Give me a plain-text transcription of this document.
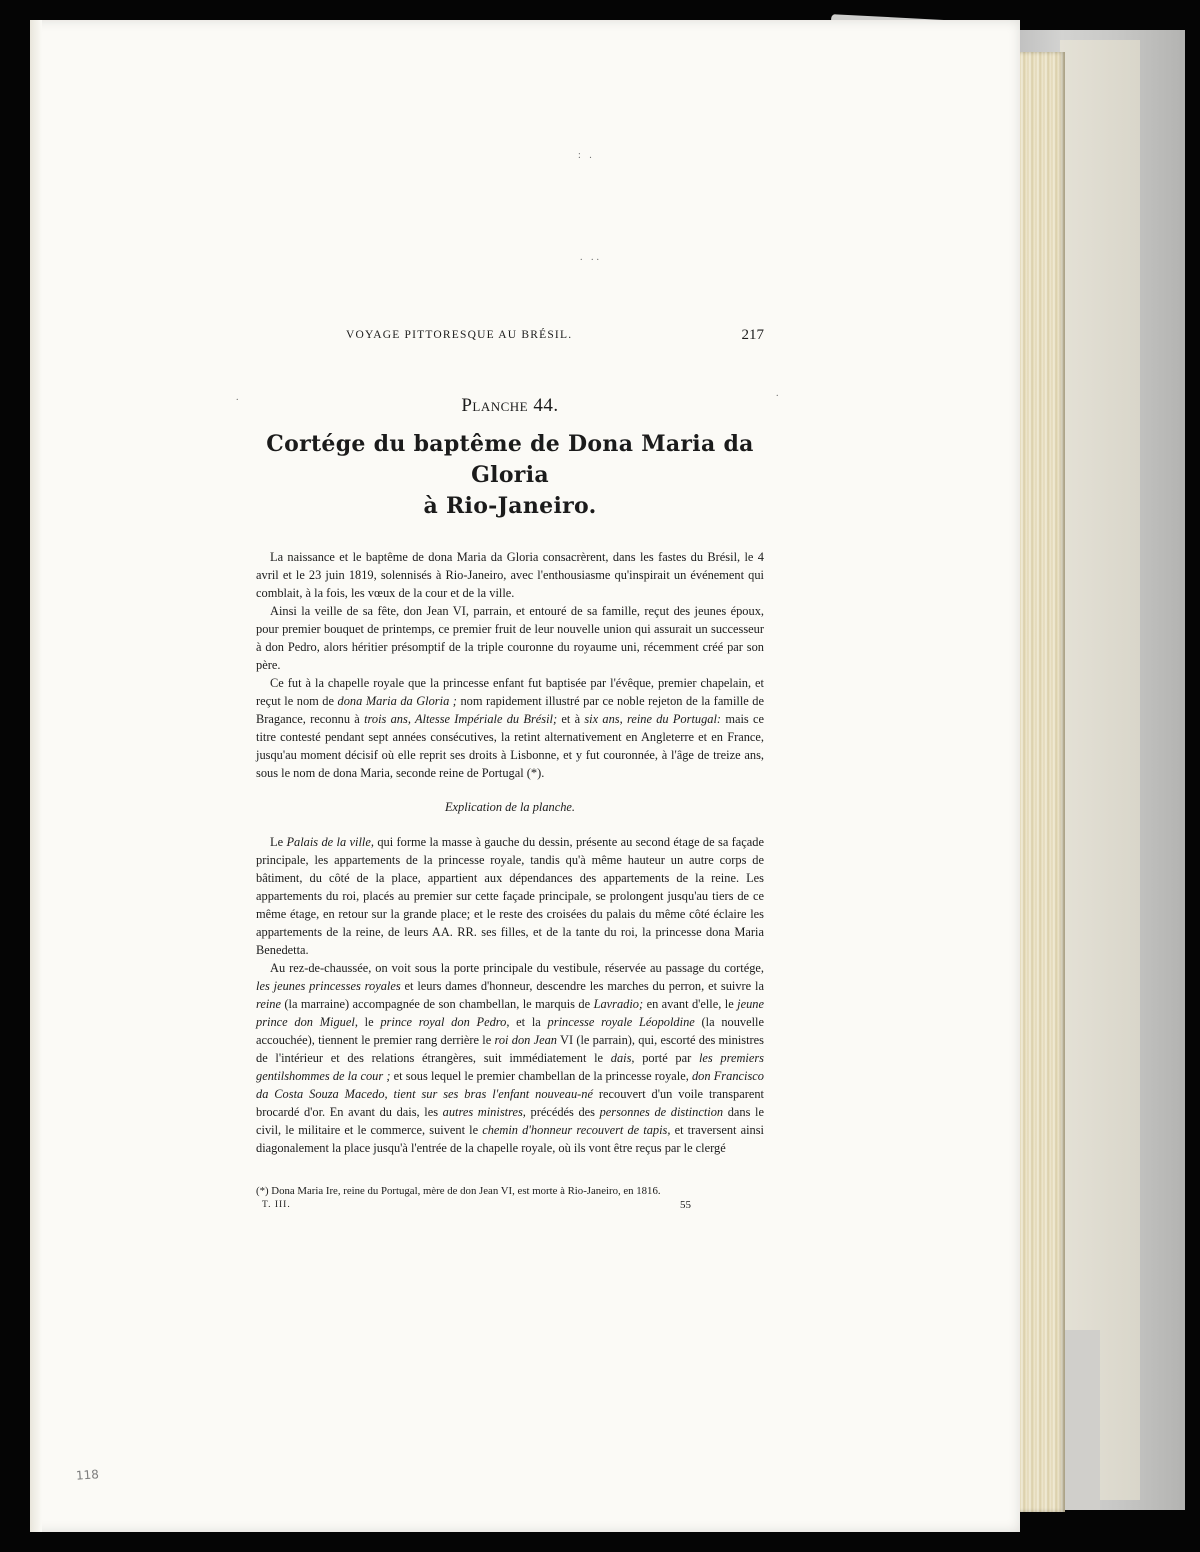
: .
. ..
.	.
VOYAGE PITTORESQUE AU BRÉSIL.	217
Planche 44.
Cortége du baptême de Dona Maria da Gloria
à Rio-Janeiro.

La naissance et le baptême de dona Maria da Gloria consacrèrent, dans les fastes du Brésil, le 4 avril et le 23 juin 1819, solennisés à Rio-Janeiro, avec l'enthousiasme qu'inspirait un événement qui comblait, à la fois, les vœux de la cour et de la ville.

Ainsi la veille de sa fête, don Jean VI, parrain, et entouré de sa famille, reçut des jeunes époux, pour premier bouquet de printemps, ce premier fruit de leur nouvelle union qui assurait un successeur à don Pedro, alors héritier présomptif de la triple couronne du royaume uni, récemment créé par son père.

Ce fut à la chapelle royale que la princesse enfant fut baptisée par l'évêque, premier chapelain, et reçut le nom de dona Maria da Gloria ; nom rapidement illustré par ce noble rejeton de la famille de Bragance, reconnu à trois ans, Altesse Impériale du Brésil; et à six ans, reine du Portugal: mais ce titre contesté pendant sept années consécutives, la retint alternativement en Angleterre et en France, jusqu'au moment décisif où elle reprit ses droits à Lisbonne, et y fut couronnée, à l'âge de treize ans, sous le nom de dona Maria, seconde reine de Portugal (*).

Explication de la planche.

Le Palais de la ville, qui forme la masse à gauche du dessin, présente au second étage de sa façade principale, les appartements de la princesse royale, tandis qu'à même hauteur un autre corps de bâtiment, du côté de la place, appartient aux dépendances des appartements de la reine. Les appartements du roi, placés au premier sur cette façade principale, se prolongent jusqu'au tiers de ce même étage, en retour sur la grande place; et le reste des croisées du palais du même côté éclaire les appartements de la reine, de leurs AA. RR. ses filles, et de la tante du roi, la princesse dona Maria Benedetta.

Au rez-de-chaussée, on voit sous la porte principale du vestibule, réservée au passage du cortége, les jeunes princesses royales et leurs dames d'honneur, descendre les marches du perron, et suivre la reine (la marraine) accompagnée de son chambellan, le marquis de Lavradio; en avant d'elle, le jeune prince don Miguel, le prince royal don Pedro, et la princesse royale Léopoldine (la nouvelle accouchée), tiennent le premier rang derrière le roi don Jean VI (le parrain), qui, escorté des ministres de l'intérieur et des relations étrangères, suit immédiatement le dais, porté par les premiers gentilshommes de la cour ; et sous lequel le premier chambellan de la princesse royale, don Francisco da Costa Souza Macedo, tient sur ses bras l'enfant nouveau-né recouvert d'un voile transparent brocardé d'or. En avant du dais, les autres ministres, précédés des personnes de distinction dans le civil, le militaire et le commerce, suivent le chemin d'honneur recouvert de tapis, et traversent ainsi diagonalement la place jusqu'à l'entrée de la chapelle royale, où ils vont être reçus par le clergé

(*) Dona Maria Ire, reine du Portugal, mère de don Jean VI, est morte à Rio-Janeiro, en 1816.
T. III.	55
118
